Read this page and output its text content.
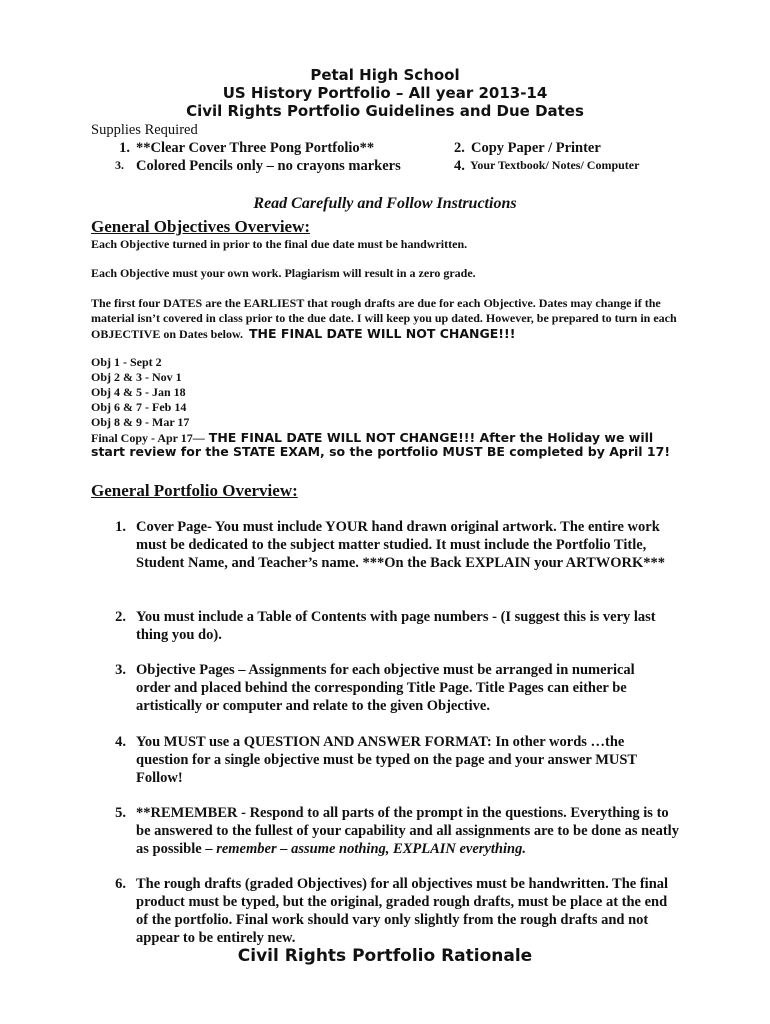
Petal High School
US History Portfolio – All year 2013-14
Civil Rights Portfolio Guidelines and Due Dates
Supplies Required
1. **Clear Cover Three Pong Portfolio**	2. Copy Paper / Printer
3. Colored Pencils only – no crayons markers	4. Your Textbook/ Notes/ Computer
Read Carefully and Follow Instructions
General Objectives Overview:
Each Objective turned in prior to the final due date must be handwritten.
Each Objective must your own work. Plagiarism will result in a zero grade.
The first four DATES are the EARLIEST that rough drafts are due for each Objective. Dates may change if the material isn’t covered in class prior to the due date. I will keep you up dated. However, be prepared to turn in each OBJECTIVE on Dates below. THE FINAL DATE WILL NOT CHANGE!!!
Obj 1 - Sept 2
Obj 2 & 3 - Nov 1
Obj 4 & 5 - Jan 18
Obj 6 & 7 - Feb 14
Obj 8 & 9 - Mar 17
Final Copy - Apr 17— THE FINAL DATE WILL NOT CHANGE!!! After the Holiday we will
start review for the STATE EXAM, so the portfolio MUST BE completed by April 17!
General Portfolio Overview:
1. Cover Page- You must include YOUR hand drawn original artwork. The entire work must be dedicated to the subject matter studied. It must include the Portfolio Title, Student Name, and Teacher’s name. ***On the Back EXPLAIN your ARTWORK***
2. You must include a Table of Contents with page numbers - (I suggest this is very last thing you do).
3. Objective Pages – Assignments for each objective must be arranged in numerical order and placed behind the corresponding Title Page. Title Pages can either be artistically or computer and relate to the given Objective.
4. You MUST use a QUESTION AND ANSWER FORMAT: In other words …the question for a single objective must be typed on the page and your answer MUST Follow!
5. **REMEMBER - Respond to all parts of the prompt in the questions. Everything is to be answered to the fullest of your capability and all assignments are to be done as neatly as possible – remember – assume nothing, EXPLAIN everything.
6. The rough drafts (graded Objectives) for all objectives must be handwritten. The final product must be typed, but the original, graded rough drafts, must be place at the end of the portfolio. Final work should vary only slightly from the rough drafts and not appear to be entirely new.
Civil Rights Portfolio Rationale
